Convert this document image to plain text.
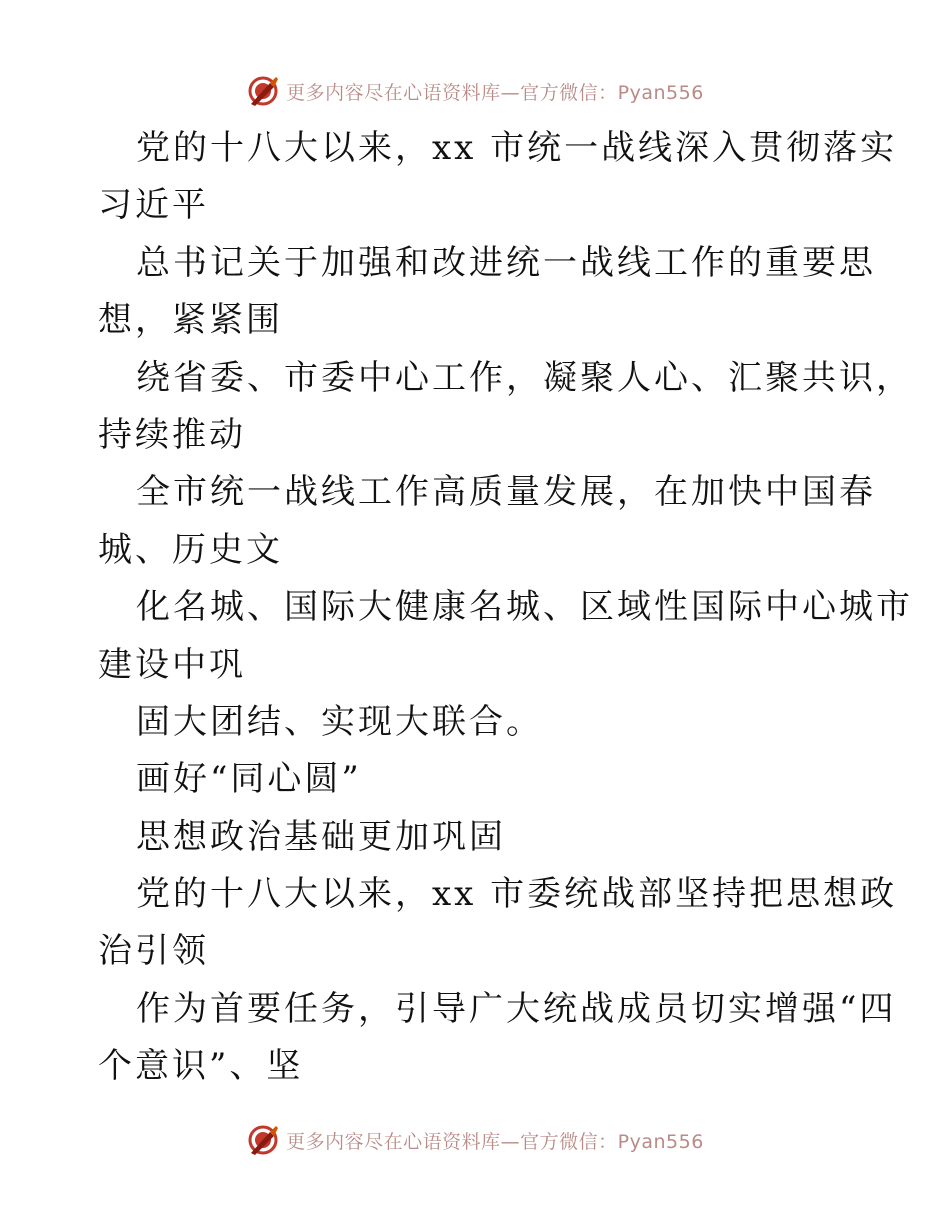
更多内容尽在心语资料库—官方微信：Pyan556
党的十八大以来，xx 市统一战线深入贯彻落实
习近平
总书记关于加强和改进统一战线工作的重要思
想，紧紧围
绕省委、市委中心工作，凝聚人心、汇聚共识，
持续推动
全市统一战线工作高质量发展，在加快中国春
城、历史文
化名城、国际大健康名城、区域性国际中心城市
建设中巩
固大团结、实现大联合。
画好“同心圆”
思想政治基础更加巩固
党的十八大以来，xx 市委统战部坚持把思想政
治引领
作为首要任务，引导广大统战成员切实增强“四
个意识”、坚
更多内容尽在心语资料库—官方微信：Pyan556
